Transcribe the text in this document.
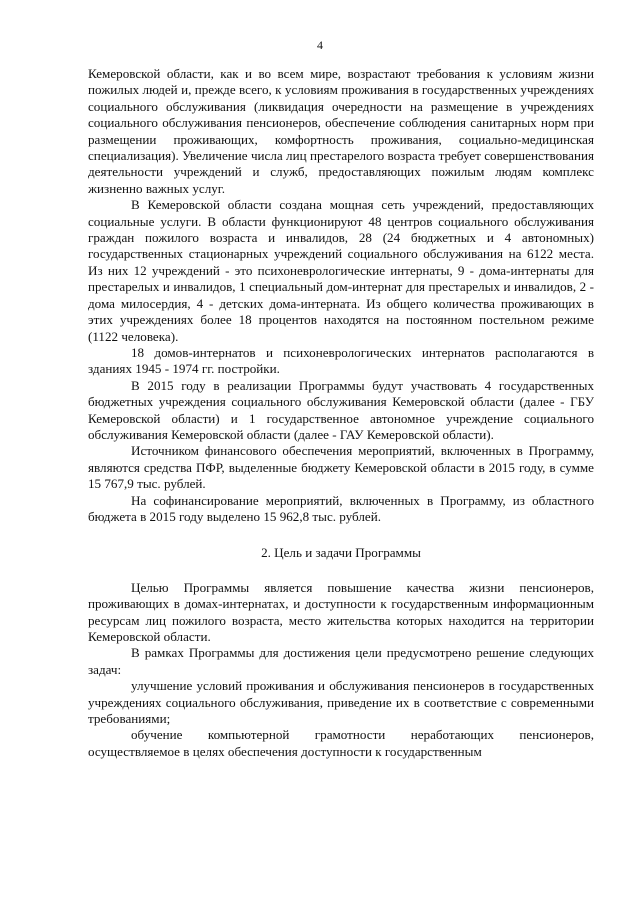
4

Кемеровской области, как и во всем мире, возрастают требования к условиям жизни пожилых людей и, прежде всего, к условиям проживания в государственных учреждениях социального обслуживания (ликвидация очередности на размещение в учреждениях социального обслуживания пенсионеров, обеспечение соблюдения санитарных норм при размещении проживающих, комфортность проживания, социально-медицинская специализация). Увеличение числа лиц престарелого возраста требует совершенствования деятельности учреждений и служб, предоставляющих пожилым людям комплекс жизненно важных услуг.

В Кемеровской области создана мощная сеть учреждений, предоставляющих социальные услуги. В области функционируют 48 центров социального обслуживания граждан пожилого возраста и инвалидов, 28 (24 бюджетных и 4 автономных) государственных стационарных учреждений социального обслуживания на 6122 места. Из них 12 учреждений - это психоневрологические интернаты, 9 - дома-интернаты для престарелых и инвалидов, 1 специальный дом-интернат для престарелых и инвалидов, 2 - дома милосердия, 4 - детских дома-интерната. Из общего количества проживающих в этих учреждениях более 18 процентов находятся на постоянном постельном режиме (1122 человека).

18 домов-интернатов и психоневрологических интернатов располагаются в зданиях 1945 - 1974 гг. постройки.

В 2015 году в реализации Программы будут участвовать 4 государственных бюджетных учреждения социального обслуживания Кемеровской области (далее - ГБУ Кемеровской области) и 1 государственное автономное учреждение социального обслуживания Кемеровской области (далее - ГАУ Кемеровской области).

Источником финансового обеспечения мероприятий, включенных в Программу, являются средства ПФР, выделенные бюджету Кемеровской области в 2015 году, в сумме 15 767,9 тыс. рублей.

На софинансирование мероприятий, включенных в Программу, из областного бюджета в 2015 году выделено 15 962,8 тыс. рублей.

2. Цель и задачи Программы

Целью Программы является повышение качества жизни пенсионеров, проживающих в домах-интернатах, и доступности к государственным информационным ресурсам лиц пожилого возраста, место жительства которых находится на территории Кемеровской области.

В рамках Программы для достижения цели предусмотрено решение следующих задач:

улучшение условий проживания и обслуживания пенсионеров в государственных учреждениях социального обслуживания, приведение их в соответствие с современными требованиями;

обучение компьютерной грамотности неработающих пенсионеров, осуществляемое в целях обеспечения доступности к государственным
